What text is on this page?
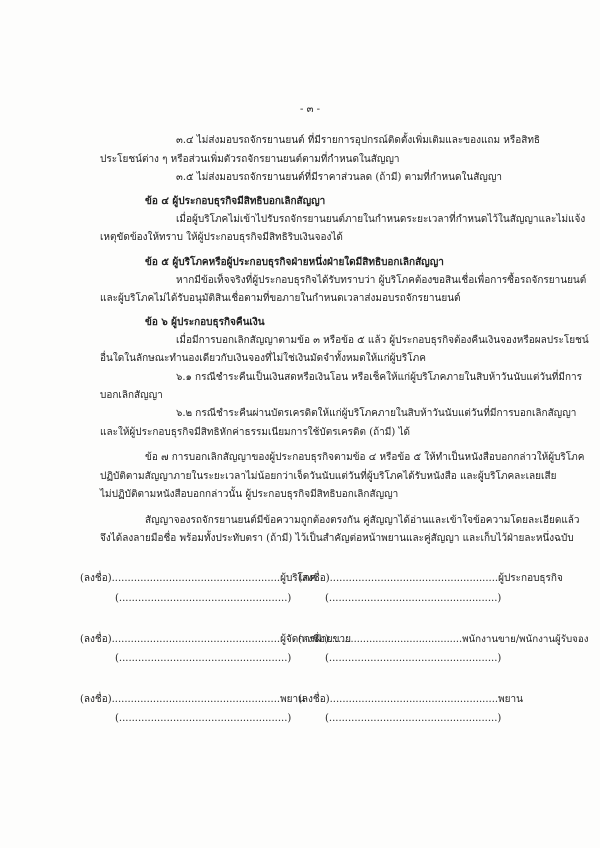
- ๓ -
๓.๔ ไม่ส่งมอบรถจักรยานยนต์ ที่มีรายการอุปกรณ์ติดตั้งเพิ่มเติมและของแถม หรือสิทธิ
ประโยชน์ต่าง ๆ หรือส่วนเพิ่มตัวรถจักรยานยนต์ตามที่กำหนดในสัญญา
๓.๕ ไม่ส่งมอบรถจักรยานยนต์ที่มีราคาส่วนลด (ถ้ามี) ตามที่กำหนดในสัญญา
ข้อ ๔ ผู้ประกอบธุรกิจมีสิทธิบอกเลิกสัญญา
เมื่อผู้บริโภคไม่เข้าไปรับรถจักรยานยนต์ภายในกำหนดระยะเวลาที่กำหนดไว้ในสัญญาและไม่แจ้ง
เหตุขัดข้องให้ทราบ ให้ผู้ประกอบธุรกิจมีสิทธิริบเงินจองได้
ข้อ ๕ ผู้บริโภคหรือผู้ประกอบธุรกิจฝ่ายหนึ่งฝ่ายใดมีสิทธิบอกเลิกสัญญา
หากมีข้อเท็จจริงที่ผู้ประกอบธุรกิจได้รับทราบว่า ผู้บริโภคต้องขอสินเชื่อเพื่อการซื้อรถจักรยานยนต์
และผู้บริโภคไม่ได้รับอนุมัติสินเชื่อตามที่ขอภายในกำหนดเวลาส่งมอบรถจักรยานยนต์
ข้อ ๖ ผู้ประกอบธุรกิจคืนเงิน
เมื่อมีการบอกเลิกสัญญาตามข้อ ๓ หรือข้อ ๕ แล้ว ผู้ประกอบธุรกิจต้องคืนเงินจองหรือผลประโยชน์
อื่นใดในลักษณะทำนองเดียวกับเงินจองที่ไม่ใช่เงินมัดจำทั้งหมดให้แก่ผู้บริโภค
๖.๑ กรณีชำระคืนเป็นเงินสดหรือเงินโอน หรือเช็คให้แก่ผู้บริโภคภายในสิบห้าวันนับแต่วันที่มีการ
บอกเลิกสัญญา
๖.๒ กรณีชำระคืนผ่านบัตรเครดิตให้แก่ผู้บริโภคภายในสิบห้าวันนับแต่วันที่มีการบอกเลิกสัญญา
และให้ผู้ประกอบธุรกิจมีสิทธิหักค่าธรรมเนียมการใช้บัตรเครดิต (ถ้ามี) ได้
ข้อ ๗ การบอกเลิกสัญญาของผู้ประกอบธุรกิจตามข้อ ๔ หรือข้อ ๕ ให้ทำเป็นหนังสือบอกกล่าวให้ผู้บริโภค
ปฏิบัติตามสัญญาภายในระยะเวลาไม่น้อยกว่าเจ็ดวันนับแต่วันที่ผู้บริโภคได้รับหนังสือ และผู้บริโภคละเลยเสีย
ไม่ปฏิบัติตามหนังสือบอกกล่าวนั้น ผู้ประกอบธุรกิจมีสิทธิบอกเลิกสัญญา
สัญญาจองรถจักรยานยนต์มีข้อความถูกต้องตรงกัน คู่สัญญาได้อ่านและเข้าใจข้อความโดยละเอียดแล้ว
จึงได้ลงลายมือชื่อ พร้อมทั้งประทับตรา (ถ้ามี) ไว้เป็นสำคัญต่อหน้าพยานและคู่สัญญา และเก็บไว้ฝ่ายละหนึ่งฉบับ
(ลงชื่อ).....................................................ผู้บริโภค
(.....................................................)
(ลงชื่อ).....................................................ผู้ประกอบธุรกิจ
(.....................................................)
(ลงชื่อ).....................................................ผู้จัดการฝ่ายขาย
(.....................................................)
(ลงชื่อ)...........................................พนักงานขาย/พนักงานผู้รับจอง
(.....................................................)
(ลงชื่อ).....................................................พยาน
(.....................................................)
(ลงชื่อ).....................................................พยาน
(.....................................................)
